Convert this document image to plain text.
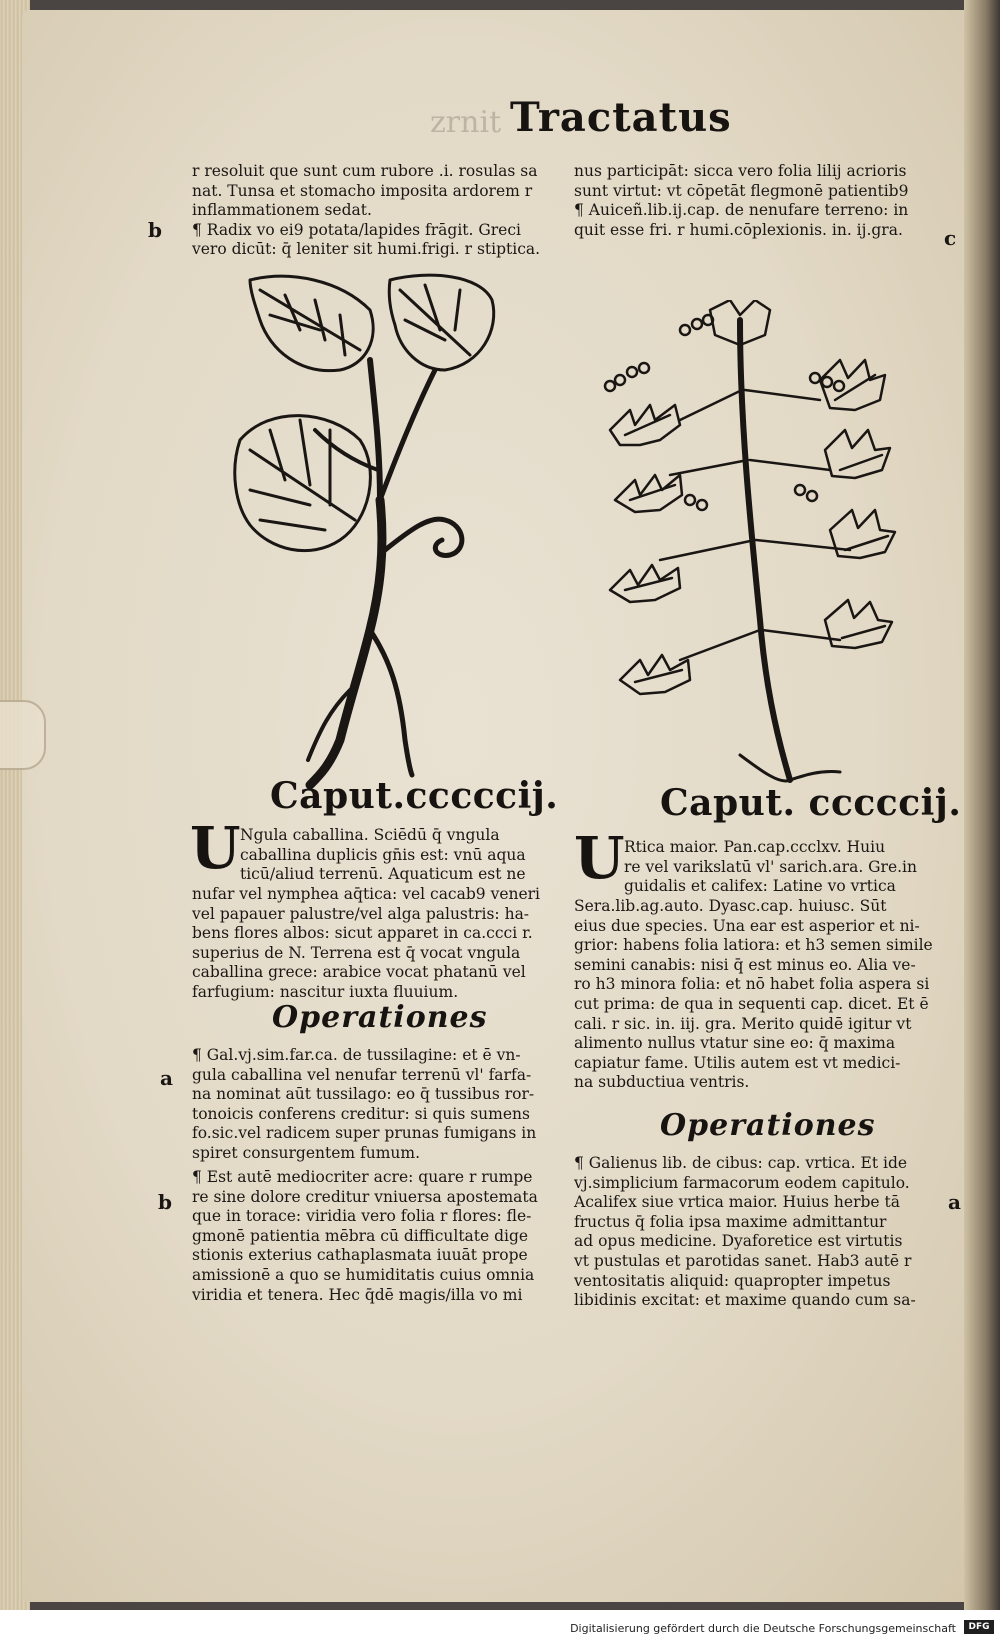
zrnit Tractatus
b	c
a
b	a

r resoluit que sunt cum rubore .i. rosulas sa

nat. Tunsa et stomacho imposita ardorem r

inflammationem sedat.

¶ Radix vo ei9 potata/lapides frāgit. Greci

vero dicūt: q̄ leniter sit humi.frigi. r stiptica.

nus participāt: sicca vero folia lilij acrioris

sunt virtut: vt cōpetāt flegmonē patientib9

¶ Auiceñ.lib.ij.cap. de nenufare terreno: in

quit esse fri. r humi.cōplexionis. in. ij.gra.

Caput.cccccij.
U Ngula caballina. Sciēdū q̄ vngula

caballina duplicis gn̄is est: vnū aqua

ticū/aliud terrenū. Aquaticum est ne

nufar vel nymphea aq̄tica: vel cacab9 veneri

vel papauer palustre/vel alga palustris: ha-

bens flores albos: sicut apparet in ca.ccci r.

superius de N. Terrena est q̄ vocat vngula

caballina grece: arabice vocat phatanū vel

farfugium: nascitur iuxta fluuium.

Operationes

¶ Gal.vj.sim.far.ca. de tussilagine: et ē vn-

gula caballina vel nenufar terrenū vl' farfa-

na nominat aūt tussilago: eo q̄ tussibus ror-

tonoicis conferens creditur: si quis sumens

fo.sic.vel radicem super prunas fumigans in

spiret consurgentem fumum.

¶ Est autē mediocriter acre: quare r rumpe

re sine dolore creditur vniuersa apostemata

que in torace: viridia vero folia r flores: fle-

gmonē patientia mēbra cū difficultate dige

stionis exterius cathaplasmata iuuāt prope

amissionē a quo se humiditatis cuius omnia

viridia et tenera. Hec q̄dē magis/illa vo mi

Caput. cccccij.
U Rtica maior. Pan.cap.ccclxv. Huiu

re vel varikslatū vl' sarich.ara. Gre.in

guidalis et califex: Latine vo vrtica

Sera.lib.ag.auto. Dyasc.cap. huiusc. Sūt

eius due species. Una ear est asperior et ni-

grior: habens folia latiora: et h3 semen simile

semini canabis: nisi q̄ est minus eo. Alia ve-

ro h3 minora folia: et nō habet folia aspera si

cut prima: de qua in sequenti cap. dicet. Et ē

cali. r sic. in. iij. gra. Merito quidē igitur vt

alimento nullus vtatur sine eo: q̄ maxima

capiatur fame. Utilis autem est vt medici-

na subductiua ventris.

Operationes

¶ Galienus lib. de cibus: cap. vrtica. Et ide

vj.simplicium farmacorum eodem capitulo.

Acalifex siue vrtica maior. Huius herbe tā

fructus q̄ folia ipsa maxime admittantur

ad opus medicine. Dyaforetice est virtutis

vt pustulas et parotidas sanet. Hab3 autē r

ventositatis aliquid: quapropter impetus

libidinis excitat: et maxime quando cum sa-

Digitalisierung gefördert durch die Deutsche Forschungsgemeinschaft	DFG
